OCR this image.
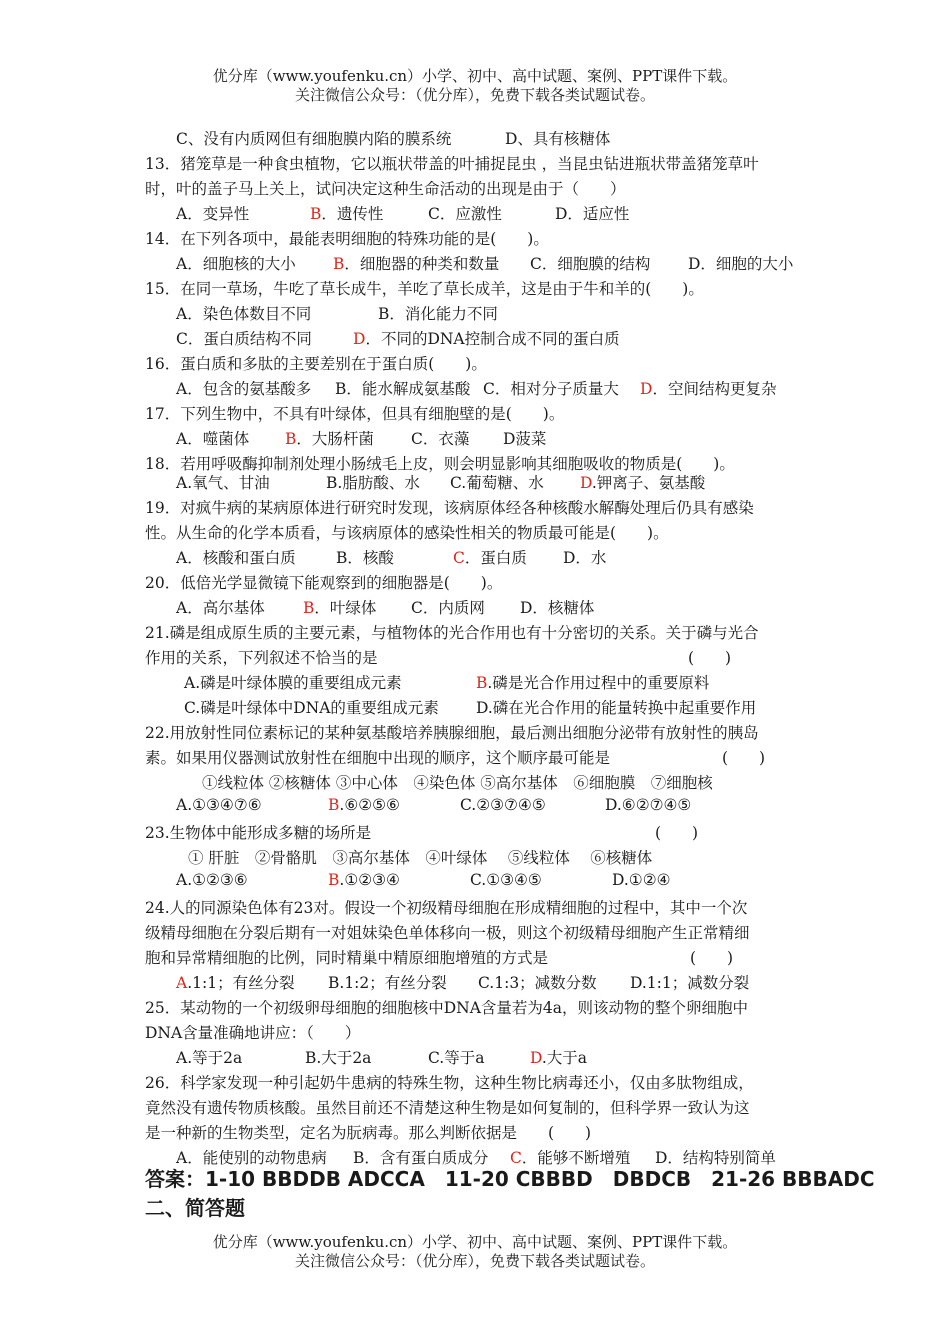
优分库（www.youfenku.cn）小学、初中、高中试题、案例、PPT课件下载。
关注微信公众号：（优分库），免费下载各类试题试卷。
C、没有内质网但有细胞膜内陷的膜系统	D、具有核糖体
13．猪笼草是一种食虫植物，它以瓶状带盖的叶捕捉昆虫 ，当昆虫钻进瓶状带盖猪笼草叶
时，叶的盖子马上关上，试问决定这种生命活动的出现是由于（　　）
A．变异性	B．遗传性	C．应激性	D．适应性
14．在下列各项中，最能表明细胞的特殊功能的是(　　)。
A．细胞核的大小 B．细胞器的种类和数量 C．细胞膜的结构 D．细胞的大小
15．在同一草场，牛吃了草长成牛，羊吃了草长成羊，这是由于牛和羊的(　　)。
A．染色体数目不同	B．消化能力不同
C．蛋白质结构不同	D．不同的DNA控制合成不同的蛋白质
16．蛋白质和多肽的主要差别在于蛋白质(　　)。
A．包含的氨基酸多 B．能水解成氨基酸 C．相对分子质量大 D．空间结构更复杂
17．下列生物中，不具有叶绿体，但具有细胞壁的是(　　)。
A．噬菌体 B．大肠杆菌 C．衣藻 D菠菜
18．若用呼吸酶抑制剂处理小肠绒毛上皮，则会明显影响其细胞吸收的物质是(　　)。
A.氧气、甘油	B.脂肪酸、水 C.葡萄糖、水 D.钾离子、氨基酸
19．对疯牛病的某病原体进行研究时发现，该病原体经各种核酸水解酶处理后仍具有感染
性。从生命的化学本质看，与该病原体的感染性相关的物质最可能是(　　)。
A．核酸和蛋白质	B．核酸	C．蛋白质 D．水
20．低倍光学显微镜下能观察到的细胞器是(　　)。
A．高尔基体 B．叶绿体 C．内质网 D．核糖体
21.磷是组成原生质的主要元素，与植物体的光合作用也有十分密切的关系。关于磷与光合
作用的关系，下列叙述不恰当的是	(　　)
A.磷是叶绿体膜的重要组成元素	B.磷是光合作用过程中的重要原料
C.磷是叶绿体中DNA的重要组成元素 D.磷在光合作用的能量转换中起重要作用
22.用放射性同位素标记的某种氨基酸培养胰腺细胞，最后测出细胞分泌带有放射性的胰岛
素。如果用仪器测试放射性在细胞中出现的顺序，这个顺序最可能是	(　　)
①线粒体 ②核糖体 ③中心体　④染色体 ⑤高尔基体　⑥细胞膜　⑦细胞核
A.①③④⑦⑥	B.⑥②⑤⑥	C.②③⑦④⑤	D.⑥②⑦④⑤
23.生物体中能形成多糖的场所是	(　　)
① 肝脏　②骨骼肌　③高尔基体　④叶绿体　 ⑤线粒体　 ⑥核糖体
A.①②③⑥	B.①②③④	C.①③④⑤	D.①②④
24.人的同源染色体有23对。假设一个初级精母细胞在形成精细胞的过程中，其中一个次
级精母细胞在分裂后期有一对姐妹染色单体移向一极，则这个初级精母细胞产生正常精细
胞和异常精细胞的比例，同时精巢中精原细胞增殖的方式是	(　　)
A.1:1；有丝分裂 B.1:2；有丝分裂 C.1:3；减数分数 D.1:1；减数分裂
25．某动物的一个初级卵母细胞的细胞核中DNA含量若为4a，则该动物的整个卵细胞中
DNA含量准确地讲应：（　　）
A.等于2a	B.大于2a	C.等于a	D.大于a
26．科学家发现一种引起奶牛患病的特殊生物，这种生物比病毒还小，仅由多肽物组成，
竟然没有遗传物质核酸。虽然目前还不清楚这种生物是如何复制的，但科学界一致认为这
是一种新的生物类型，定名为朊病毒。那么判断依据是　　(　　)
A．能使别的动物患病 B．含有蛋白质成分 C．能够不断增殖 D．结构特别简单
答案：1-10 BBDDB ADCCA　11-20 CBBBD　DBDCB　21-26 BBBADC
二、简答题
优分库（www.youfenku.cn）小学、初中、高中试题、案例、PPT课件下载。
关注微信公众号：（优分库），免费下载各类试题试卷。
